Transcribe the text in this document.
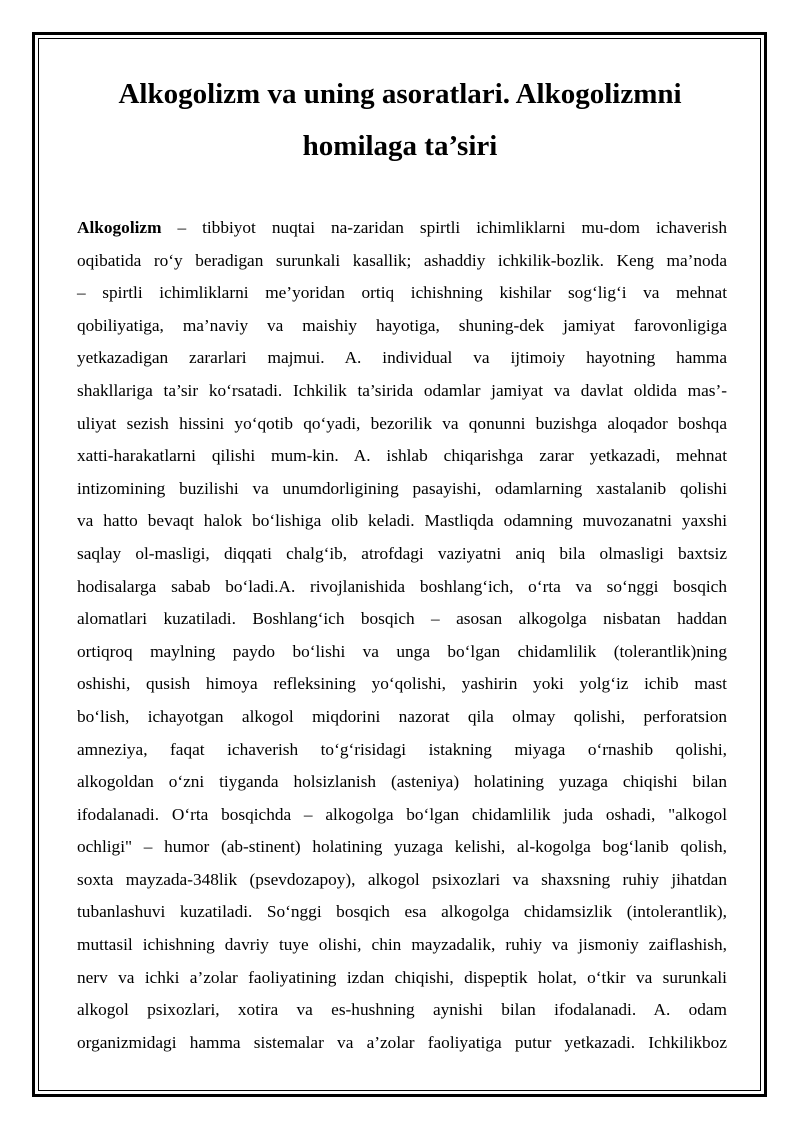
Alkogolizm va uning asoratlari. Alkogolizmni
homilaga ta’siri
Alkogolizm – tibbiyot nuqtai na-zaridan spirtli ichimliklarni mu-dom ichaverish
oqibatida ro‘y beradigan surunkali kasallik; ashaddiy ichkilik-bozlik. Keng ma’noda
– spirtli ichimliklarni me’yoridan ortiq ichishning kishilar sog‘lig‘i va mehnat
qobiliyatiga, ma’naviy va maishiy hayotiga, shuning-dek jamiyat farovonligiga
yetkazadigan zararlari majmui. A. individual va ijtimoiy hayotning hamma
shakllariga ta’sir ko‘rsatadi. Ichkilik ta’sirida odamlar jamiyat va davlat oldida mas’-
uliyat sezish hissini yo‘qotib qo‘yadi, bezorilik va qonunni buzishga aloqador boshqa
xatti-harakatlarni qilishi mum-kin. A. ishlab chiqarishga zarar yetkazadi, mehnat
intizomining buzilishi va unumdorligining pasayishi, odamlarning xastalanib qolishi
va hatto bevaqt halok bo‘lishiga olib keladi. Mastliqda odamning muvozanatni yaxshi
saqlay ol-masligi, diqqati chalg‘ib, atrofdagi vaziyatni aniq bila olmasligi baxtsiz
hodisalarga sabab bo‘ladi.A. rivojlanishida boshlang‘ich, o‘rta va so‘nggi bosqich
alomatlari kuzatiladi. Boshlang‘ich bosqich – asosan alkogolga nisbatan haddan
ortiqroq maylning paydo bo‘lishi va unga bo‘lgan chidamlilik (tolerantlik)ning
oshishi, qusish himoya refleksining yo‘qolishi, yashirin yoki yolg‘iz ichib mast
bo‘lish, ichayotgan alkogol miqdorini nazorat qila olmay qolishi, perforatsion
amneziya, faqat ichaverish to‘g‘risidagi istakning miyaga o‘rnashib qolishi,
alkogoldan o‘zni tiyganda holsizlanish (asteniya) holatining yuzaga chiqishi bilan
ifodalanadi. O‘rta bosqichda – alkogolga bo‘lgan chidamlilik juda oshadi, "alkogol
ochligi" – humor (ab-stinent) holatining yuzaga kelishi, al-kogolga bog‘lanib qolish,
soxta mayzada-348lik (psevdozapoy), alkogol psixozlari va shaxsning ruhiy jihatdan
tubanlashuvi kuzatiladi. So‘nggi bosqich esa alkogolga chidamsizlik (intolerantlik),
muttasil ichishning davriy tuye olishi, chin mayzadalik, ruhiy va jismoniy zaiflashish,
nerv va ichki a’zolar faoliyatining izdan chiqishi, dispeptik holat, o‘tkir va surunkali
alkogol psixozlari, xotira va es-hushning aynishi bilan ifodalanadi. A. odam
organizmidagi hamma sistemalar va a’zolar faoliyatiga putur yetkazadi. Ichkilikboz
